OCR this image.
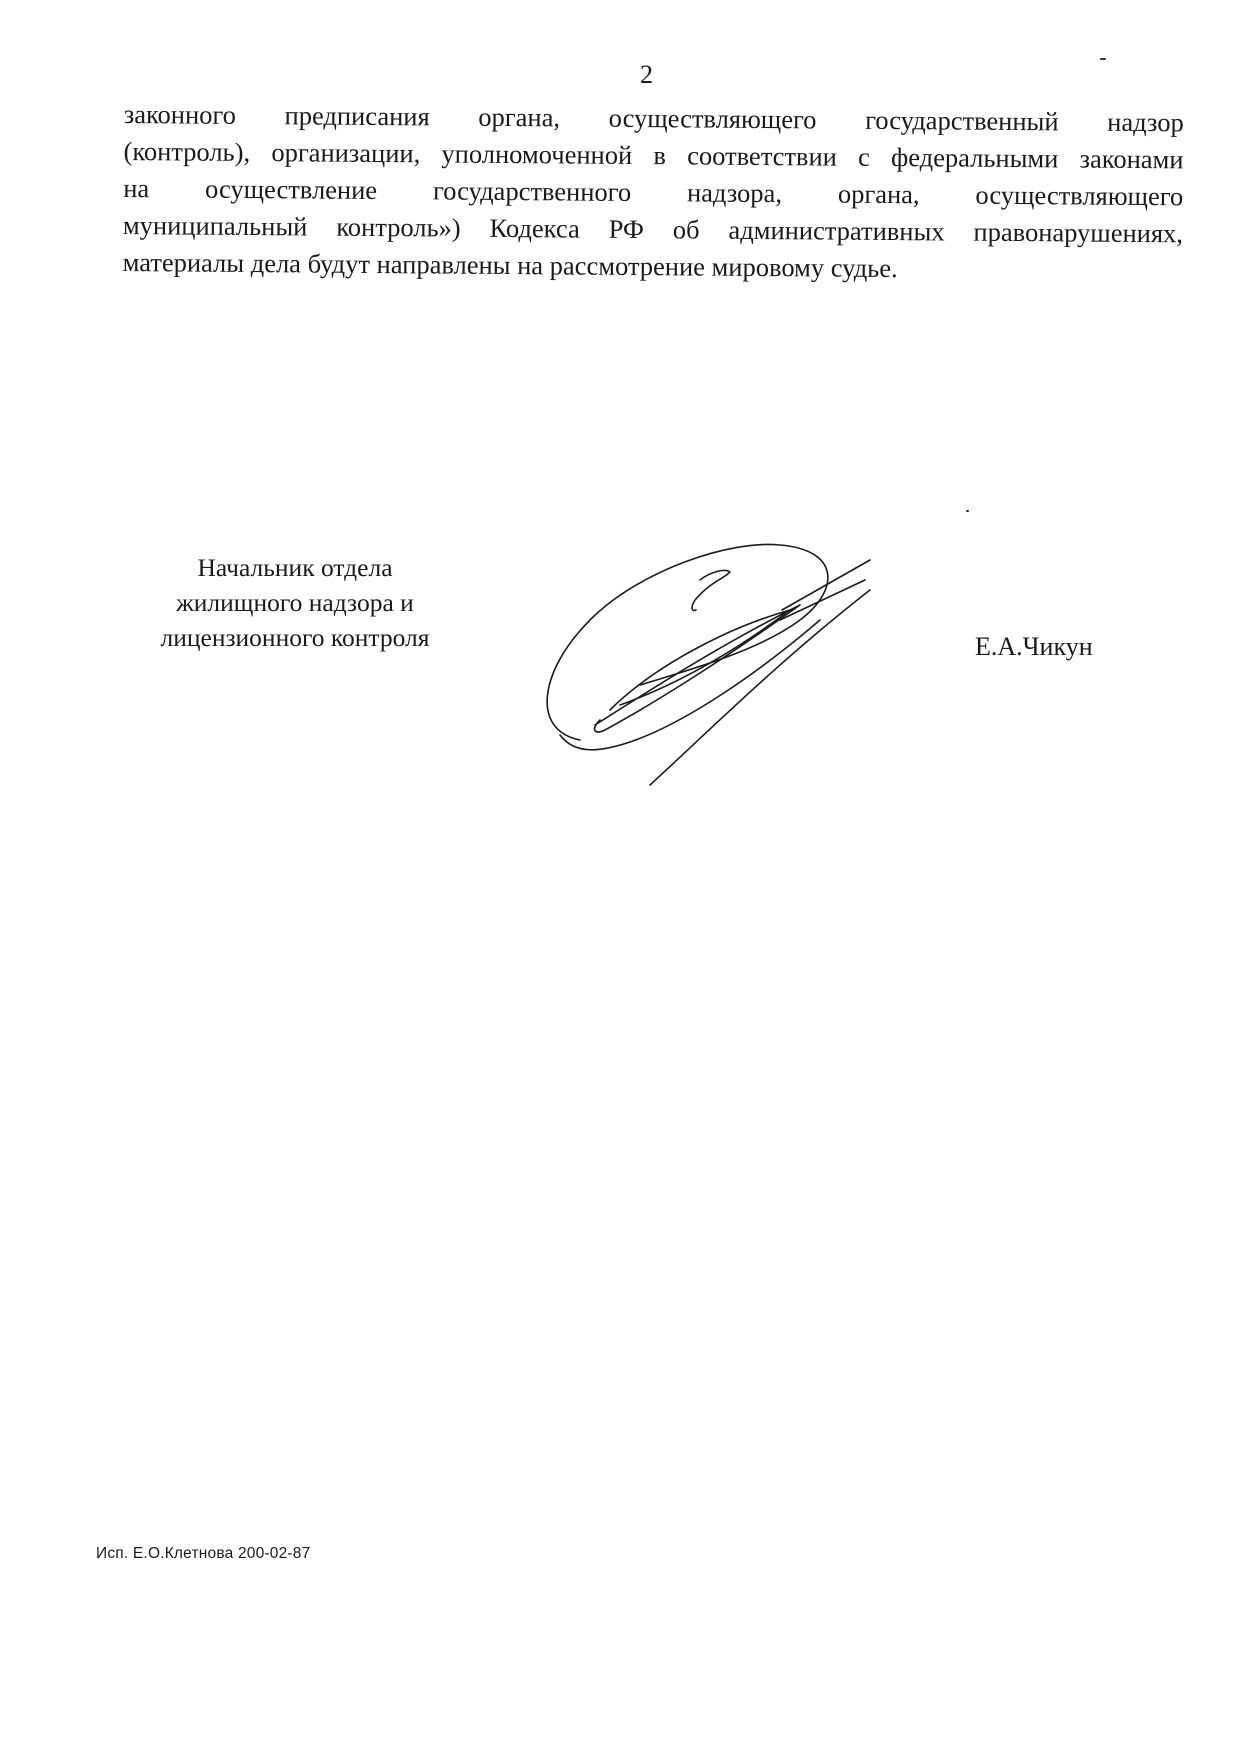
2
законного предписания органа, осуществляющего государственный надзор
(контроль), организации, уполномоченной в соответствии с федеральными законами
на осуществление государственного надзора, органа, осуществляющего
муниципальный контроль») Кодекса РФ об административных правонарушениях,
материалы дела будут направлены на рассмотрение мировому судье.
Начальник отдела
жилищного надзора и
лицензионного контроля	Е.А.Чикун
Исп. Е.О.Клетнова 200-02-87
